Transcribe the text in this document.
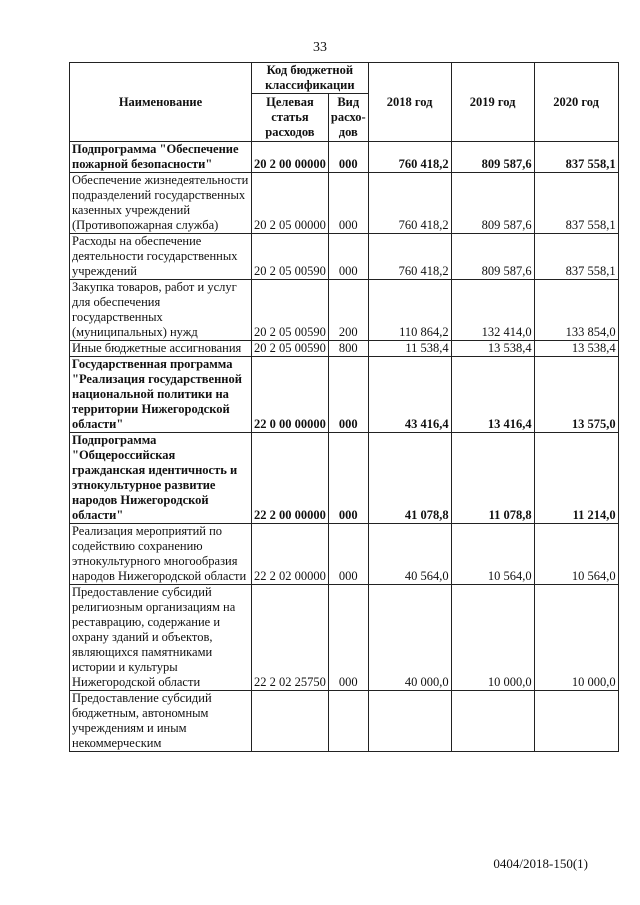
33
Наименование	Код бюджетной классификации		2018 год	2019 год	2020 год
	Целевая статья расходов	Вид расхо-дов			
Подпрограмма "Обеспечение пожарной безопасности"	20 2 00 00000	000	760 418,2	809 587,6	837 558,1
Обеспечение жизнедеятельности подразделений государственных казенных учреждений (Противопожарная служба)	20 2 05 00000	000	760 418,2	809 587,6	837 558,1
Расходы на обеспечение деятельности государственных учреждений	20 2 05 00590	000	760 418,2	809 587,6	837 558,1
Закупка товаров, работ и услуг для обеспечения государственных (муниципальных) нужд	20 2 05 00590	200	110 864,2	132 414,0	133 854,0
Иные бюджетные ассигнования	20 2 05 00590	800	11 538,4	13 538,4	13 538,4
Государственная программа "Реализация государственной национальной политики на территории Нижегородской области"	22 0 00 00000	000	43 416,4	13 416,4	13 575,0
Подпрограмма "Общероссийская гражданская идентичность и этнокультурное развитие народов Нижегородской области"	22 2 00 00000	000	41 078,8	11 078,8	11 214,0
Реализация мероприятий по содействию сохранению этнокультурного многообразия народов Нижегородской области	22 2 02 00000	000	40 564,0	10 564,0	10 564,0
Предоставление субсидий религиозным организациям на реставрацию, содержание и охрану зданий и объектов, являющихся памятниками истории и культуры Нижегородской области	22 2 02 25750	000	40 000,0	10 000,0	10 000,0
Предоставление субсидий бюджетным, автономным учреждениям и иным некоммерческим					
0404/2018-150(1)
